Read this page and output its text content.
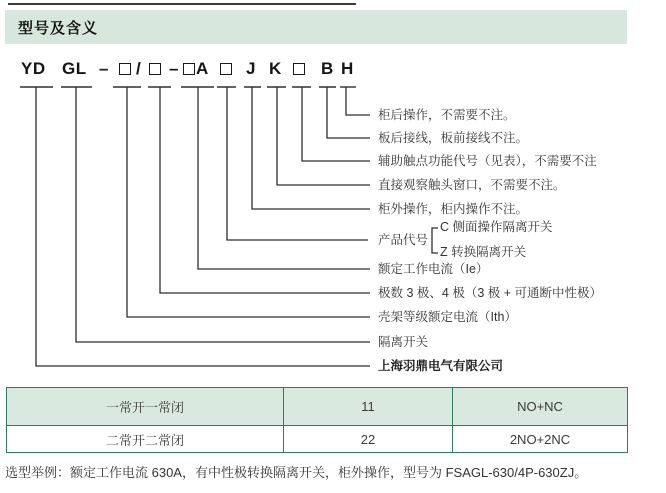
型号及含义
YD GL – / –	A J K B H
柜后操作，不需要不注。
板后接线，板前接线不注。
辅助触点功能代号（见表），不需要不注
直接观察触头窗口，不需要不注。
柜外操作，柜内操作不注。
产品代号
额定工作电流（Ie）
极数 3 极、4 极（3 极 + 可通断中性极）
壳架等级额定电流（Ith）
隔离开关
上海羽鼎电气有限公司
C 侧面操作隔离开关
Z 转换隔离开关
一常开一常闭	11	NO+NC
二常开二常闭	22	2NO+2NC
选型举例：额定工作电流 630A，有中性极转换隔离开关，柜外操作，型号为 FSAGL-630/4P-630ZJ。
